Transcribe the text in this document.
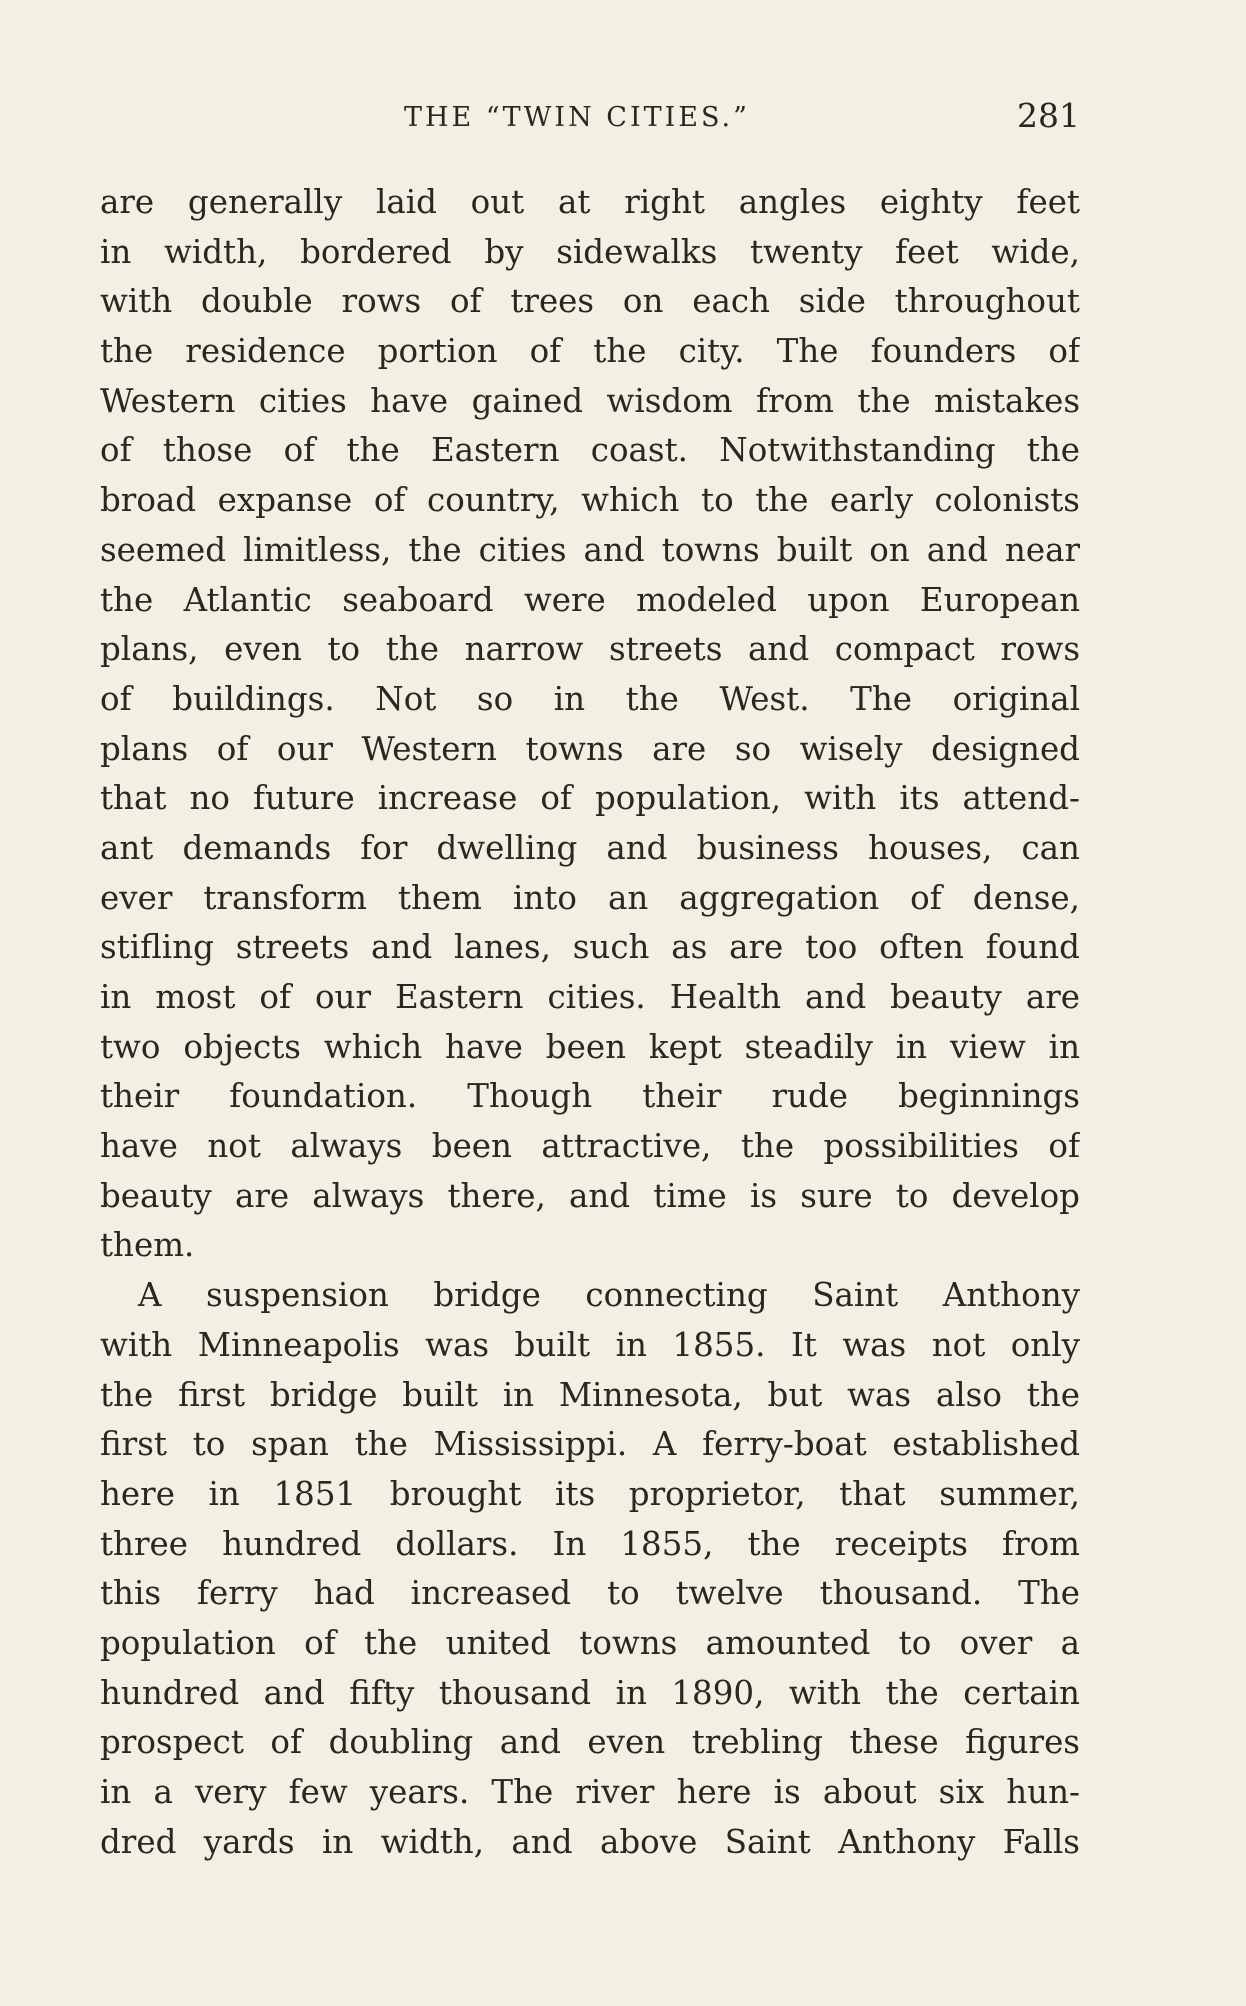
THE “TWIN CITIES.”	281
are generally laid out at right angles eighty feet
in width, bordered by sidewalks twenty feet wide,
with double rows of trees on each side throughout
the residence portion of the city. The founders of
Western cities have gained wisdom from the mistakes
of those of the Eastern coast. Notwithstanding the
broad expanse of country, which to the early colonists
seemed limitless, the cities and towns built on and near
the Atlantic seaboard were modeled upon European
plans, even to the narrow streets and compact rows
of buildings. Not so in the West. The original
plans of our Western towns are so wisely designed
that no future increase of population, with its attend-
ant demands for dwelling and business houses, can
ever transform them into an aggregation of dense,
stifling streets and lanes, such as are too often found
in most of our Eastern cities. Health and beauty are
two objects which have been kept steadily in view in
their foundation. Though their rude beginnings
have not always been attractive, the possibilities of
beauty are always there, and time is sure to develop
them.
A suspension bridge connecting Saint Anthony
with Minneapolis was built in 1855. It was not only
the first bridge built in Minnesota, but was also the
first to span the Mississippi. A ferry-boat established
here in 1851 brought its proprietor, that summer,
three hundred dollars. In 1855, the receipts from
this ferry had increased to twelve thousand. The
population of the united towns amounted to over a
hundred and fifty thousand in 1890, with the certain
prospect of doubling and even trebling these figures
in a very few years. The river here is about six hun-
dred yards in width, and above Saint Anthony Falls
